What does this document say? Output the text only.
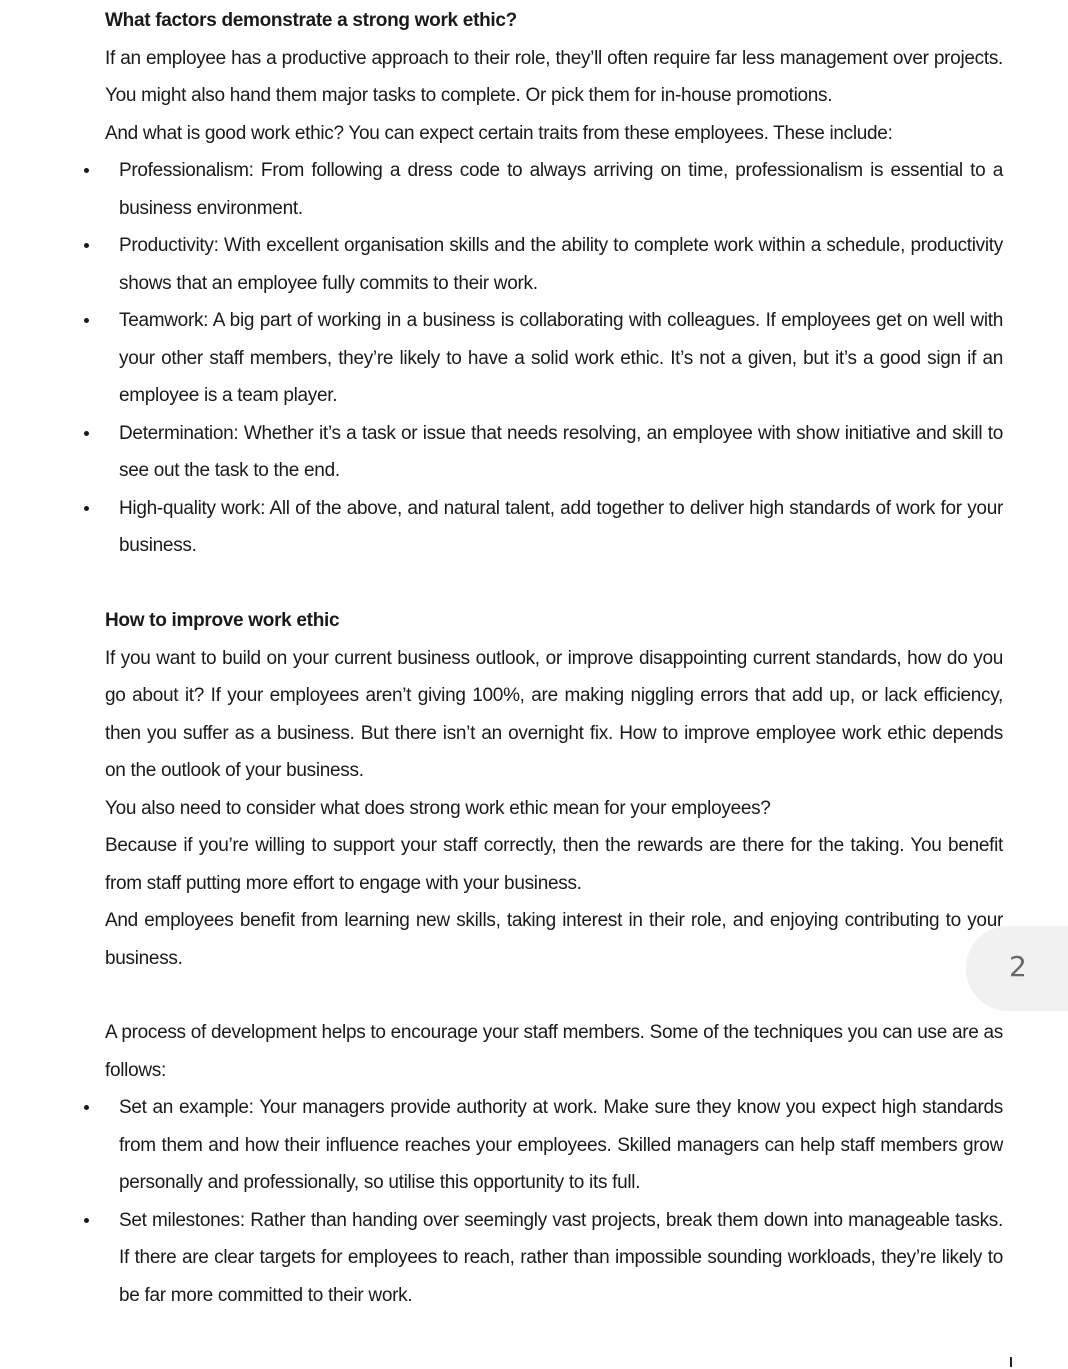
What factors demonstrate a strong work ethic?

If an employee has a productive approach to their role, they’ll often require far less management over projects. You might also hand them major tasks to complete. Or pick them for in-house promotions.

And what is good work ethic? You can expect certain traits from these employees. These include:

Professionalism: From following a dress code to always arriving on time, professionalism is essential to a business environment.
Productivity: With excellent organisation skills and the ability to complete work within a schedule, productivity shows that an employee fully commits to their work.
Teamwork: A big part of working in a business is collaborating with colleagues. If employees get on well with your other staff members, they’re likely to have a solid work ethic. It’s not a given, but it’s a good sign if an employee is a team player.
Determination: Whether it’s a task or issue that needs resolving, an employee with show initiative and skill to see out the task to the end.
High-quality work: All of the above, and natural talent, add together to deliver high standards of work for your business.

How to improve work ethic

If you want to build on your current business outlook, or improve disappointing current standards, how do you go about it? If your employees aren’t giving 100%, are making niggling errors that add up, or lack efficiency, then you suffer as a business. But there isn’t an overnight fix. How to improve employee work ethic depends on the outlook of your business.

You also need to consider what does strong work ethic mean for your employees?

Because if you’re willing to support your staff correctly, then the rewards are there for the taking. You benefit from staff putting more effort to engage with your business.

And employees benefit from learning new skills, taking interest in their role, and enjoying contributing to your business.	2

A process of development helps to encourage your staff members. Some of the techniques you can use are as follows:

Set an example: Your managers provide authority at work. Make sure they know you expect high standards from them and how their influence reaches your employees. Skilled managers can help staff members grow personally and professionally, so utilise this opportunity to its full.
Set milestones: Rather than handing over seemingly vast projects, break them down into manageable tasks. If there are clear targets for employees to reach, rather than impossible sounding workloads, they’re likely to be far more committed to their work.
